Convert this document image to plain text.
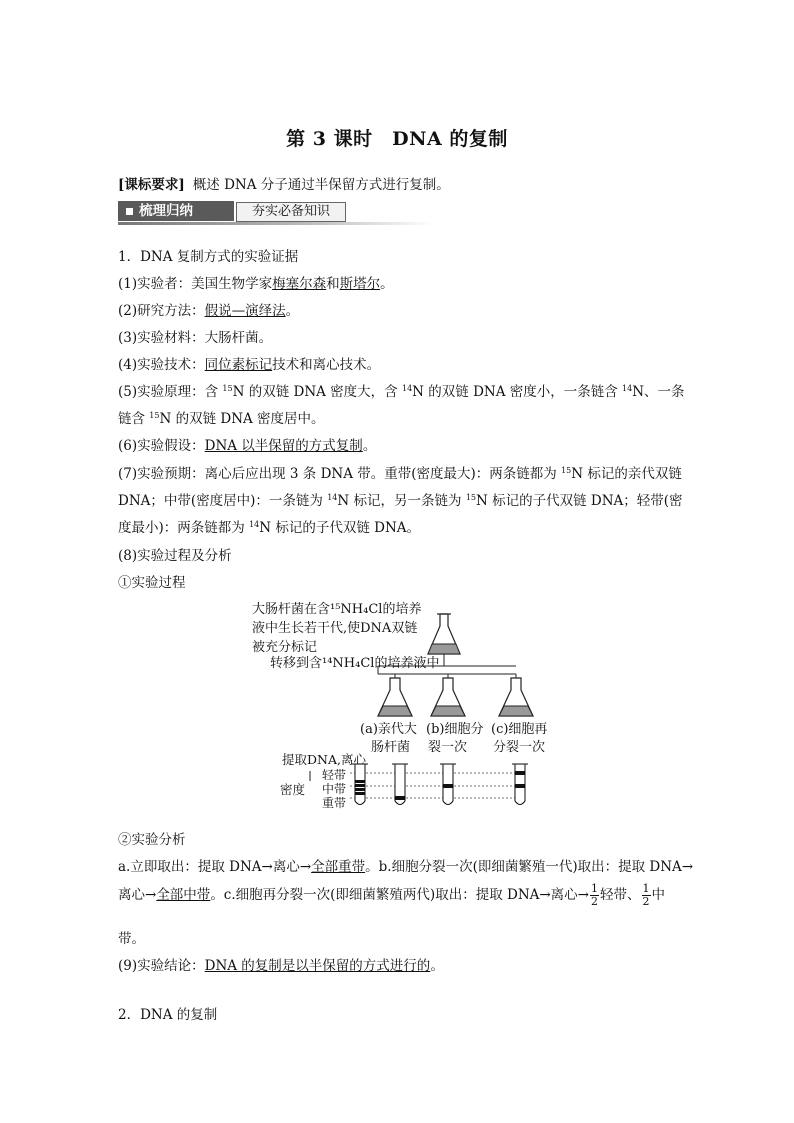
第 3 课时　DNA 的复制
[课标要求] 概述 DNA 分子通过半保留方式进行复制。
梳理归纳	夯实必备知识
1．DNA 复制方式的实验证据
(1)实验者：美国生物学家梅塞尔森和斯塔尔。
(2)研究方法：假说—演绎法。
(3)实验材料：大肠杆菌。
(4)实验技术：同位素标记技术和离心技术。
(5)实验原理：含 $^{15}$N 的双链 DNA 密度大，含 $^{14}$N 的双链 DNA 密度小，一条链含 $^{14}$N、一条
链含 $^{15}$N 的双链 DNA 密度居中。
(6)实验假设：DNA 以半保留的方式复制。
(7)实验预期：离心后应出现 3 条 DNA 带。重带(密度最大)：两条链都为 $^{15}$N 标记的亲代双链
DNA；中带(密度居中)：一条链为 $^{14}$N 标记，另一条链为 $^{15}$N 标记的子代双链 DNA；轻带(密
度最小)：两条链都为 $^{14}$N 标记的子代双链 DNA。
(8)实验过程及分析
①实验过程
大肠杆菌在含¹⁵NH₄Cl的培养
液中生长若干代,使DNA双链
被充分标记
转移到含¹⁴NH₄Cl的培养液中
(a)亲代大
肠杆菌
(b)细胞分
裂一次
(c)细胞再
分裂一次
提取DNA,离心
密度
轻带
中带
重带
②实验分析
a.立即取出：提取 DNA→离心→全部重带。b.细胞分裂一次(即细菌繁殖一代)取出：提取 DNA→
离心→全部中带。c.细胞再分裂一次(即细菌繁殖两代)取出：提取 DNA→离心→ $\frac{1}{2}$ 轻带、 $\frac{1}{2}$ 中
带。
(9)实验结论：DNA 的复制是以半保留的方式进行的。
2．DNA 的复制
